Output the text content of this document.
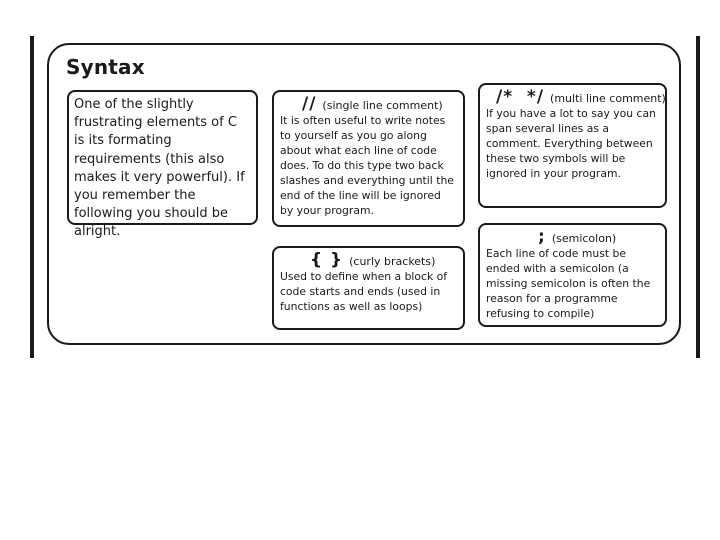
Syntax
One of the slightly frustrating elements of C is its formating requirements (this also makes it very powerful). If you remember the following you should be alright.
// (single line comment)
It is often useful to write notes to yourself as you go along about what each line of code does. To do this type two back slashes and everything until the end of the line will be ignored by your program.
/*  */ (multi line comment)
If you have a lot to say you can span several lines as a comment. Everything between these two symbols will be ignored in your program.
{ } (curly brackets)
Used to define when a block of code starts and ends (used in functions as well as loops)
; (semicolon)
Each line of code must be ended with a semicolon (a missing semicolon is often the reason for a programme refusing to compile)
